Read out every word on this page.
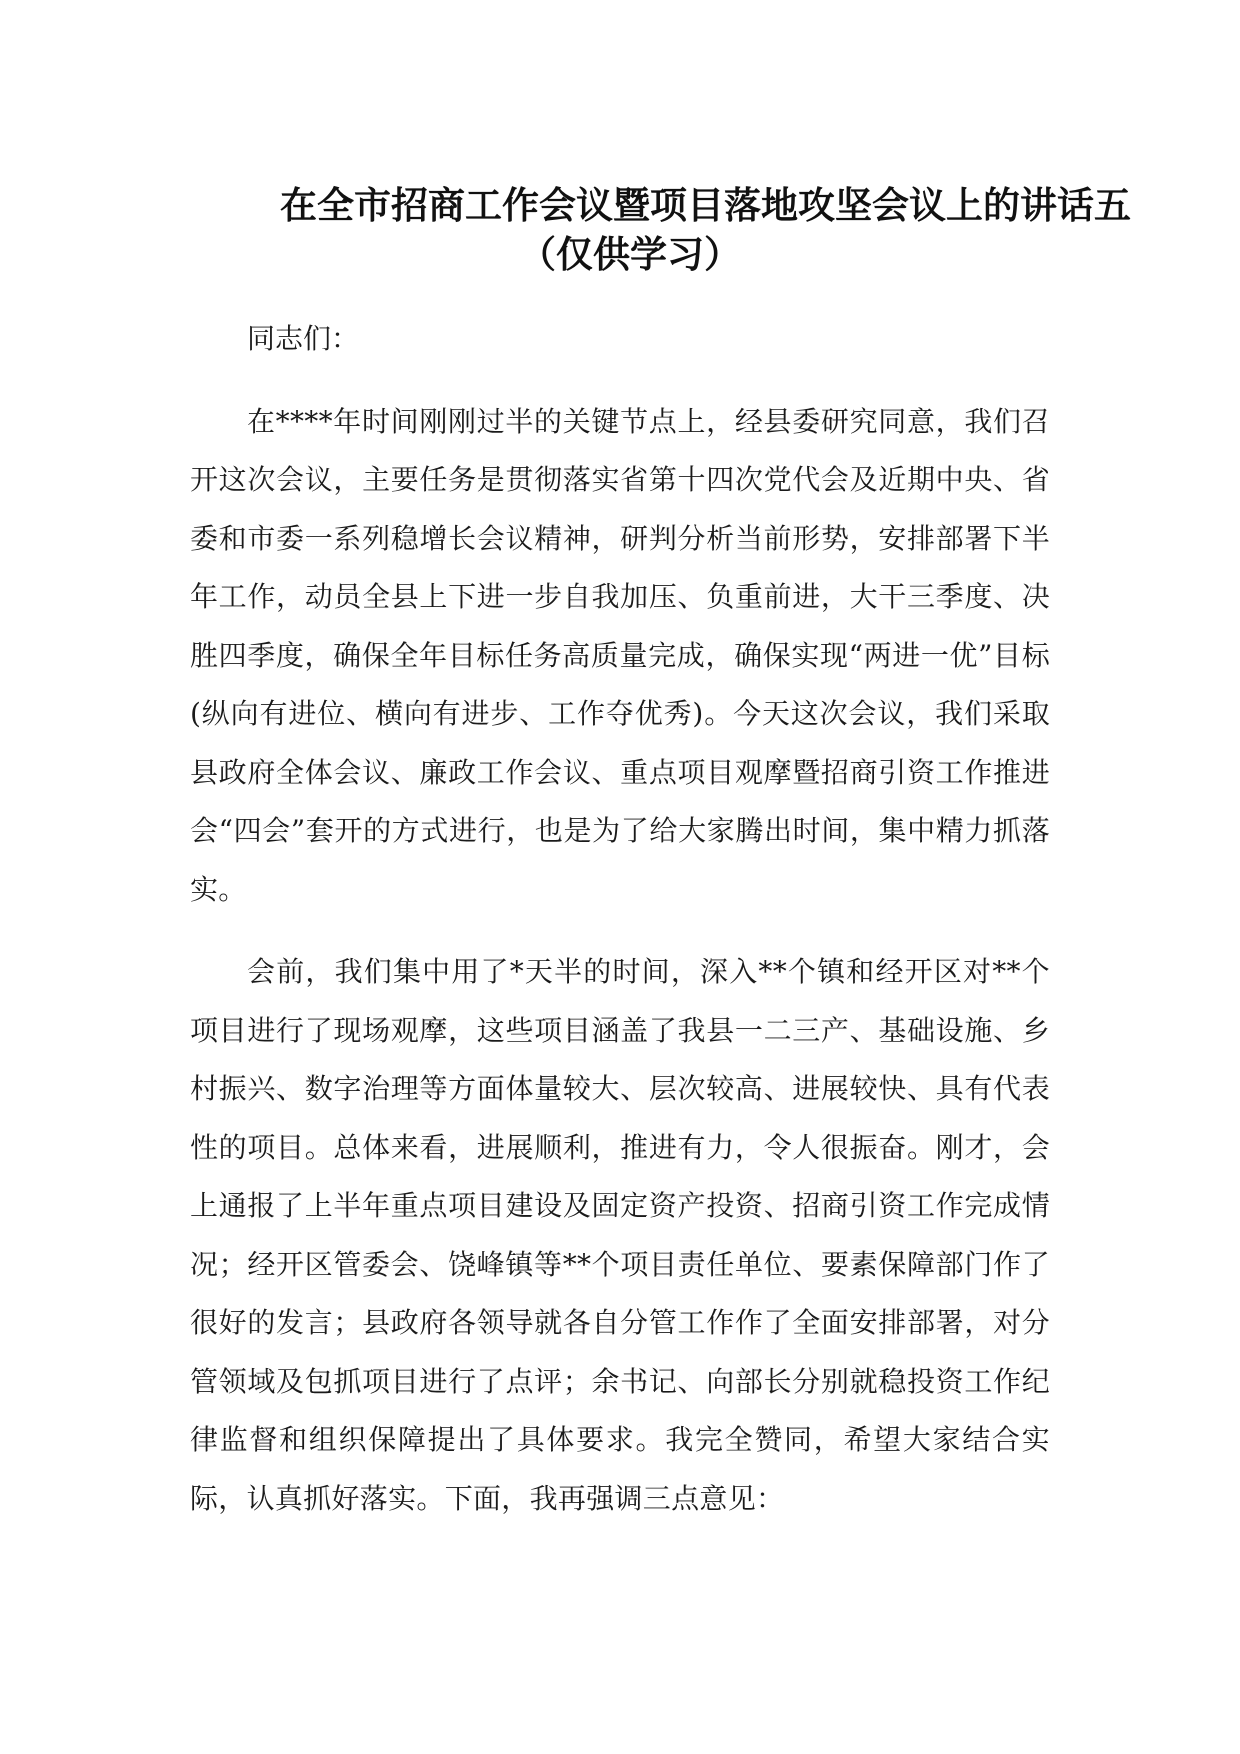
在全市招商工作会议暨项目落地攻坚会议上的讲话五
（仅供学习）

同志们：

在****年时间刚刚过半的关键节点上，经县委研究同意，我们召开这次会议，主要任务是贯彻落实省第十四次党代会及近期中央、省委和市委一系列稳增长会议精神，研判分析当前形势，安排部署下半年工作，动员全县上下进一步自我加压、负重前进，大干三季度、决胜四季度，确保全年目标任务高质量完成，确保实现“两进一优”目标(纵向有进位、横向有进步、工作夺优秀)。今天这次会议，我们采取县政府全体会议、廉政工作会议、重点项目观摩暨招商引资工作推进会“四会”套开的方式进行，也是为了给大家腾出时间，集中精力抓落实。

会前，我们集中用了*天半的时间，深入**个镇和经开区对**个项目进行了现场观摩，这些项目涵盖了我县一二三产、基础设施、乡村振兴、数字治理等方面体量较大、层次较高、进展较快、具有代表性的项目。总体来看，进展顺利，推进有力，令人很振奋。刚才，会上通报了上半年重点项目建设及固定资产投资、招商引资工作完成情况；经开区管委会、饶峰镇等**个项目责任单位、要素保障部门作了很好的发言；县政府各领导就各自分管工作作了全面安排部署，对分管领域及包抓项目进行了点评；余书记、向部长分别就稳投资工作纪律监督和组织保障提出了具体要求。我完全赞同，希望大家结合实际，认真抓好落实。下面，我再强调三点意见：
